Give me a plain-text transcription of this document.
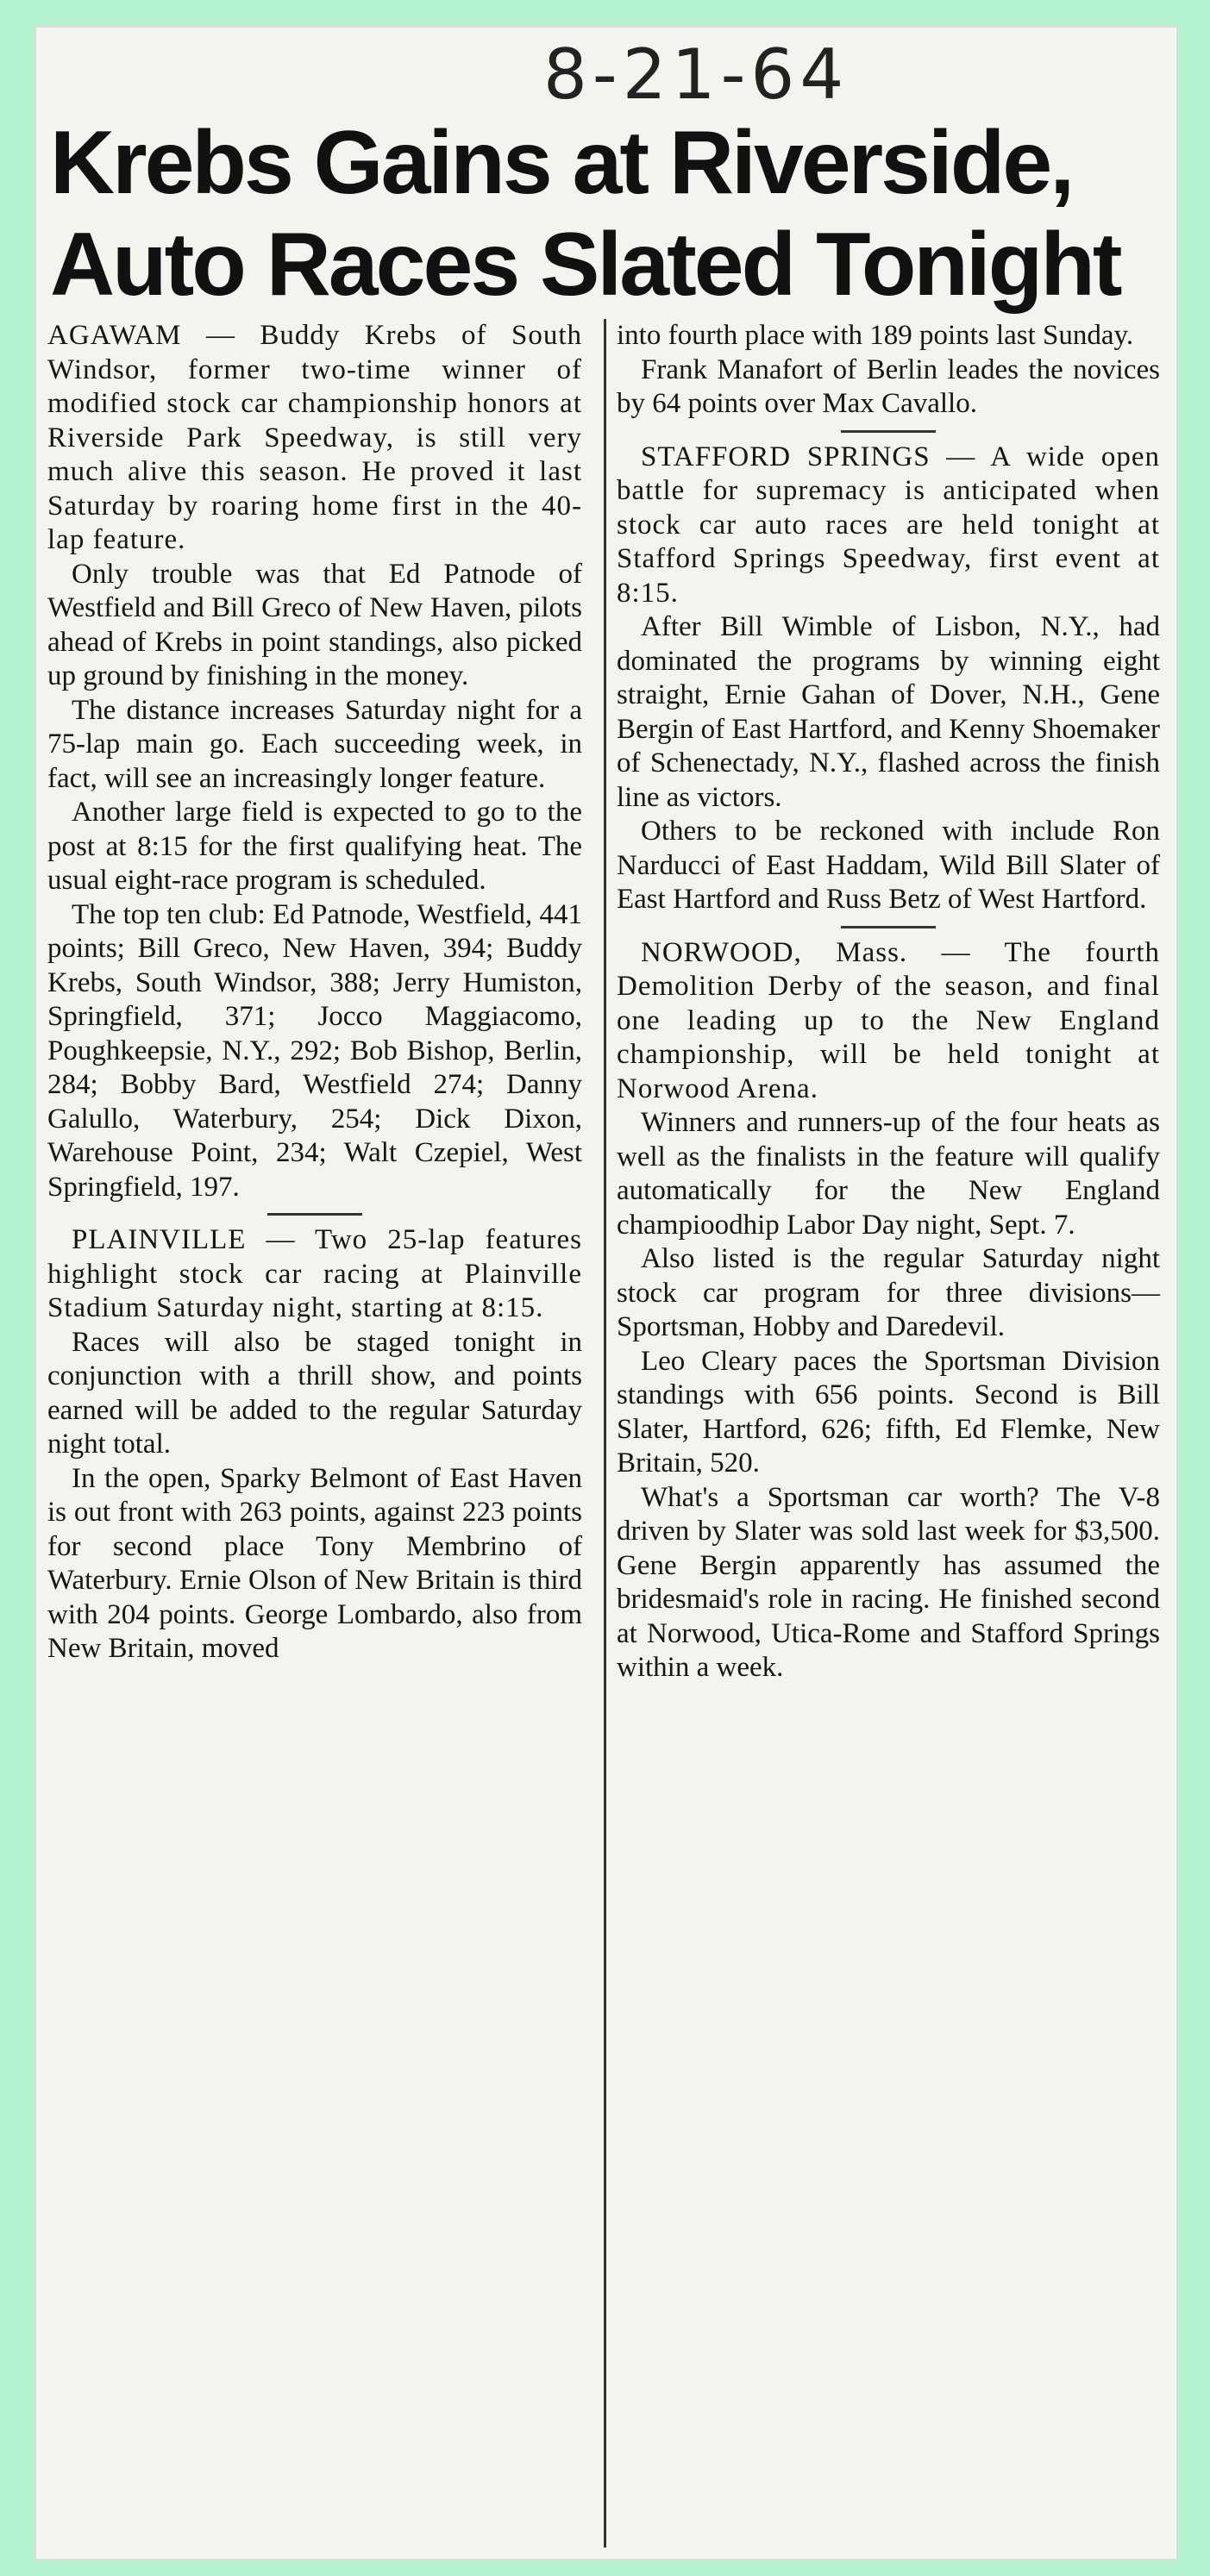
8-21-64
Krebs Gains at Riverside,
Auto Races Slated Tonight

AGAWAM — Buddy Krebs of South Windsor, former two-time winner of modified stock car championship honors at Riverside Park Speedway, is still very much alive this season. He proved it last Saturday by roaring home first in the 40-lap feature.

Only trouble was that Ed Patnode of Westfield and Bill Greco of New Haven, pilots ahead of Krebs in point standings, also picked up ground by finishing in the money.

The distance increases Saturday night for a 75-lap main go. Each succeeding week, in fact, will see an increasingly longer feature.

Another large field is expected to go to the post at 8:15 for the first qualifying heat. The usual eight-race program is scheduled.

The top ten club: Ed Patnode, Westfield, 441 points; Bill Greco, New Haven, 394; Buddy Krebs, South Windsor, 388; Jerry Humiston, Springfield, 371; Jocco Maggiacomo, Poughkeepsie, N.Y., 292; Bob Bishop, Berlin, 284; Bobby Bard, Westfield 274; Danny Galullo, Waterbury, 254; Dick Dixon, Warehouse Point, 234; Walt Czepiel, West Springfield, 197.

PLAINVILLE — Two 25-lap features highlight stock car racing at Plainville Stadium Saturday night, starting at 8:15.

Races will also be staged tonight in conjunction with a thrill show, and points earned will be added to the regular Saturday night total.

In the open, Sparky Belmont of East Haven is out front with 263 points, against 223 points for second place Tony Membrino of Waterbury. Ernie Olson of New Britain is third with 204 points. George Lombardo, also from New Britain, moved

into fourth place with 189 points last Sunday.

Frank Manafort of Berlin leades the novices by 64 points over Max Cavallo.

STAFFORD SPRINGS — A wide open battle for supremacy is anticipated when stock car auto races are held tonight at Stafford Springs Speedway, first event at 8:15.

After Bill Wimble of Lisbon, N.Y., had dominated the programs by winning eight straight, Ernie Gahan of Dover, N.H., Gene Bergin of East Hartford, and Kenny Shoemaker of Schenectady, N.Y., flashed across the finish line as victors.

Others to be reckoned with include Ron Narducci of East Haddam, Wild Bill Slater of East Hartford and Russ Betz of West Hartford.

NORWOOD, Mass. — The fourth Demolition Derby of the season, and final one leading up to the New England championship, will be held tonight at Norwood Arena.

Winners and runners-up of the four heats as well as the finalists in the feature will qualify automatically for the New England champioodhip Labor Day night, Sept. 7.

Also listed is the regular Saturday night stock car program for three divisions—Sportsman, Hobby and Daredevil.

Leo Cleary paces the Sportsman Division standings with 656 points. Second is Bill Slater, Hartford, 626; fifth, Ed Flemke, New Britain, 520.

What's a Sportsman car worth? The V-8 driven by Slater was sold last week for $3,500. Gene Bergin apparently has assumed the bridesmaid's role in racing. He finished second at Norwood, Utica-Rome and Stafford Springs within a week.
